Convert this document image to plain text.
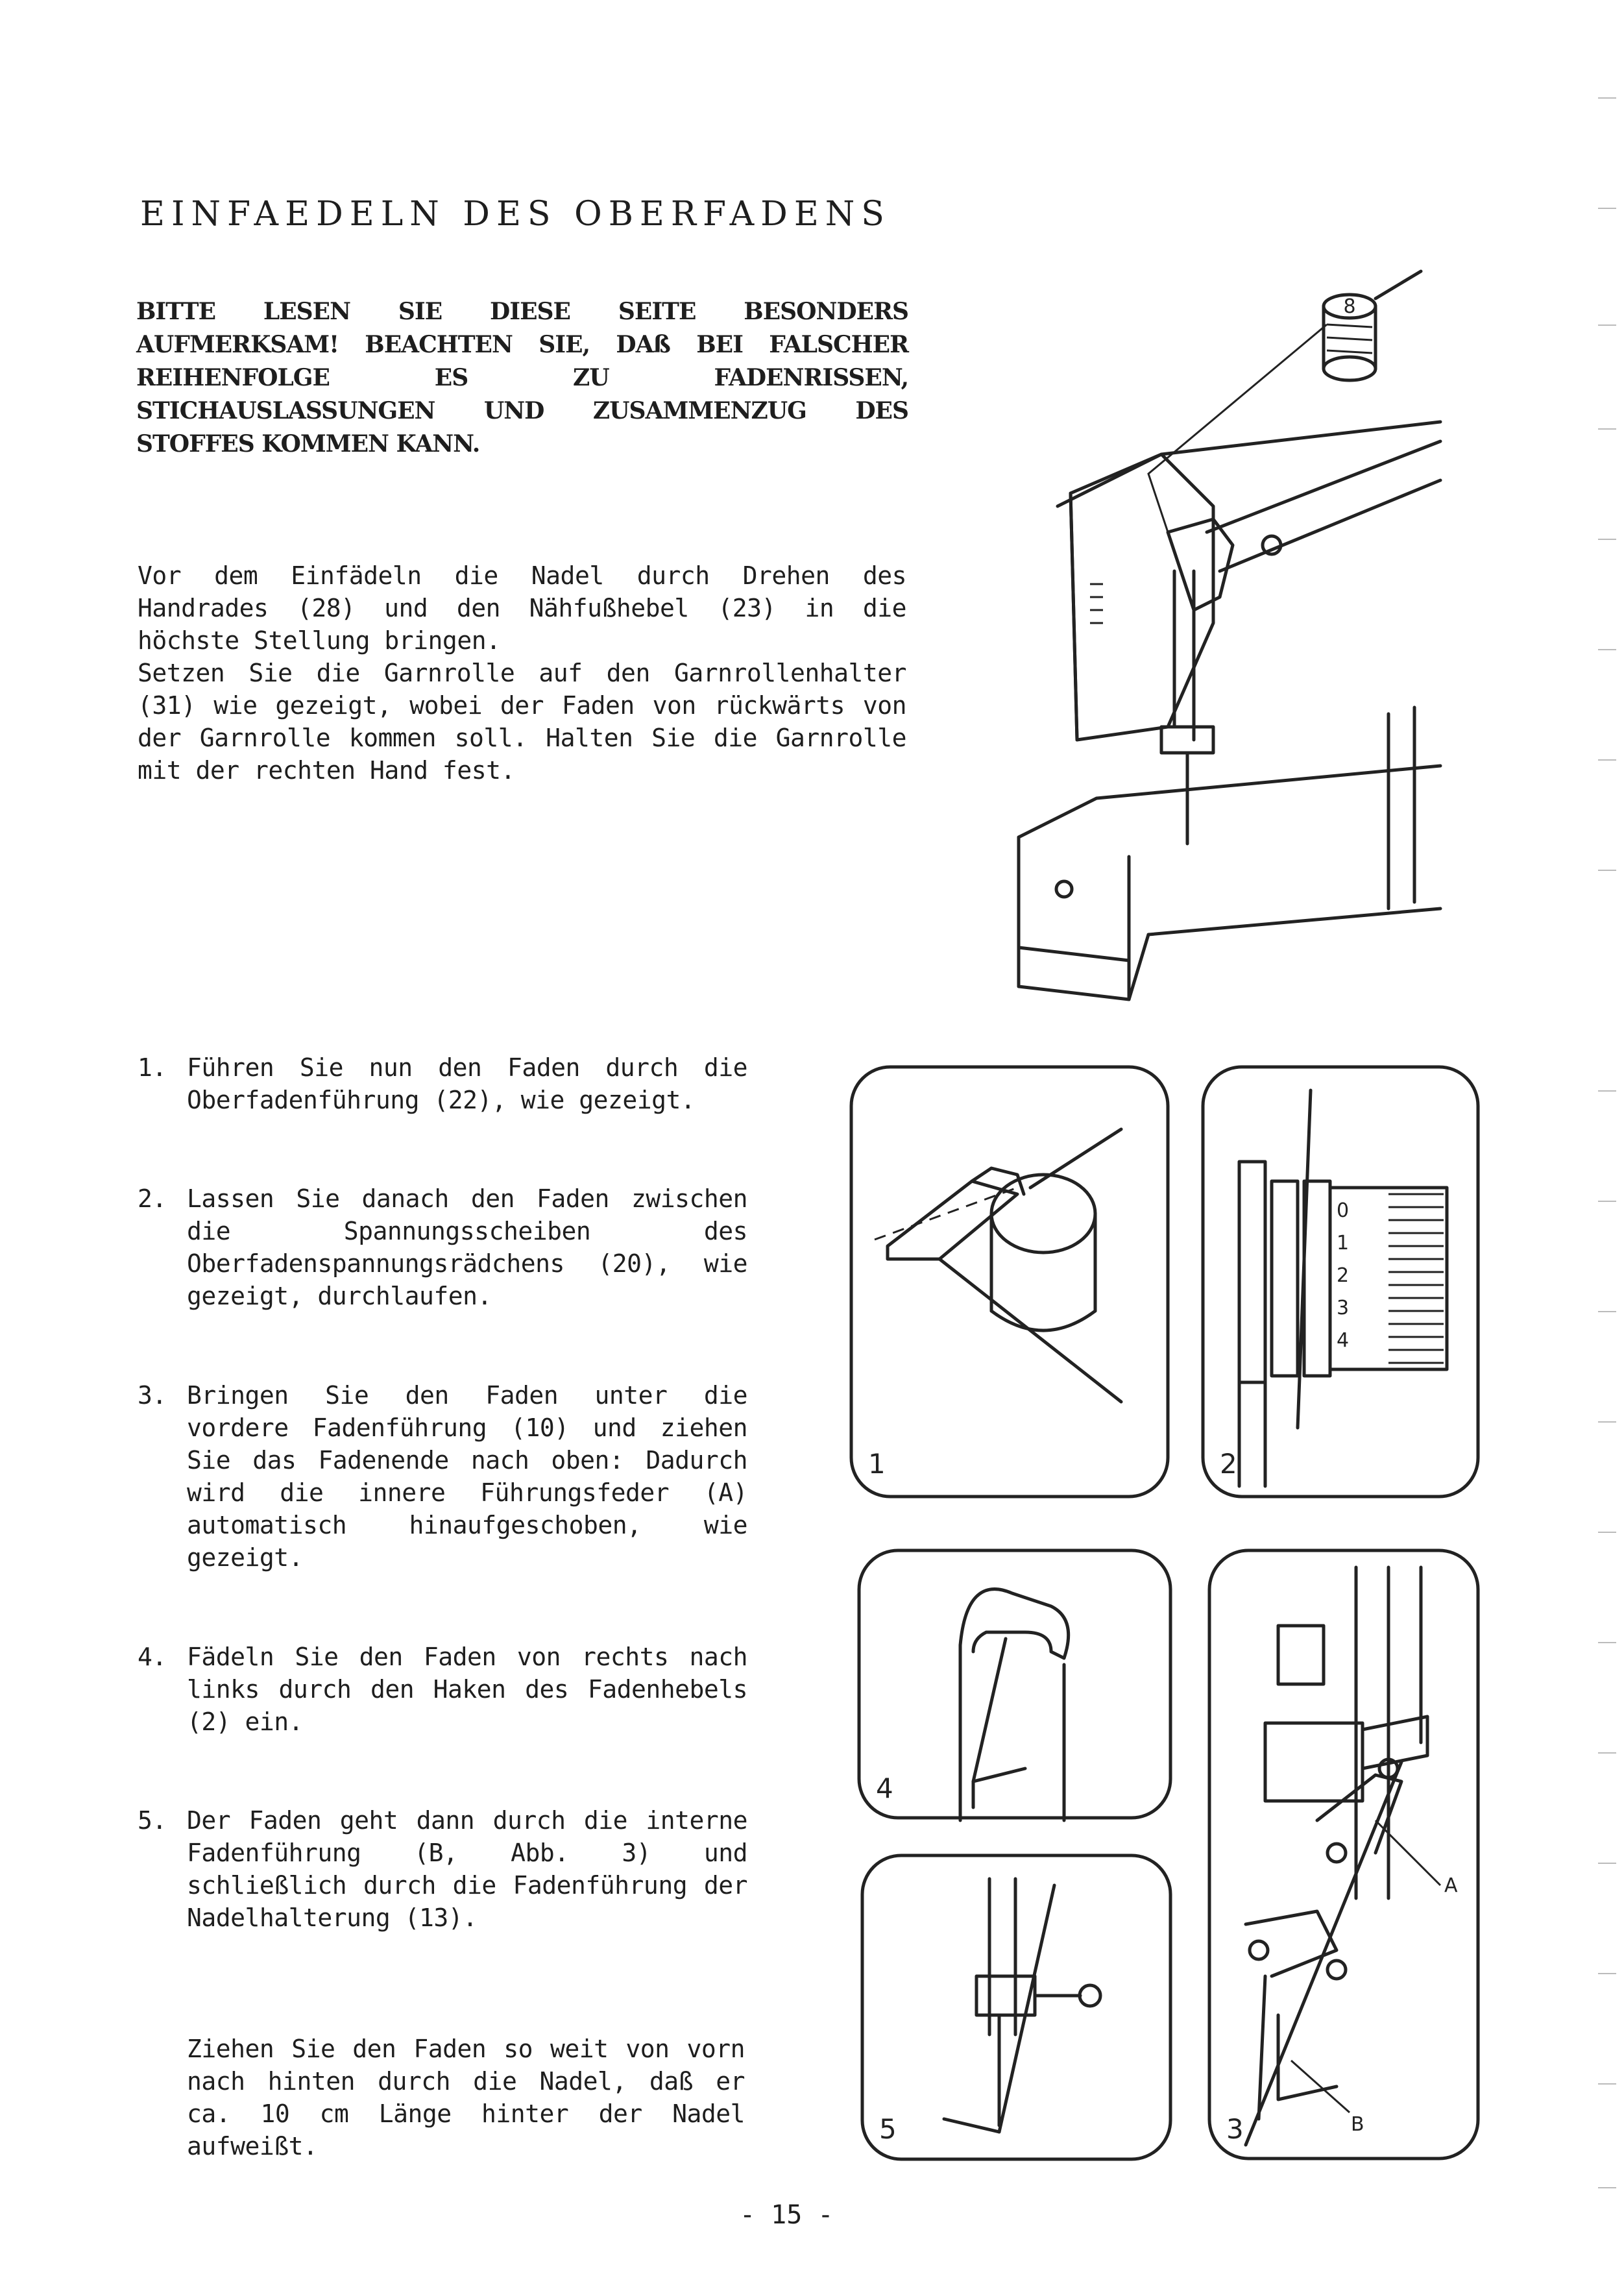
EINFAEDELN DES OBERFADENS
BITTE LESEN SIE DIESE SEITE BESONDERS AUFMERKSAM! BEACHTEN SIE, DAß BEI FALSCHER REIHENFOLGE ES ZU FADENRISSEN, STICHAUSLASSUNGEN UND ZUSAMMENZUG DES STOFFES KOMMEN KANN.
Vor dem Einfädeln die Nadel durch Drehen des Handrades (28) und den Nähfußhebel (23) in die höchste Stellung bringen.
Setzen Sie die Garnrolle auf den Garnrollenhalter (31) wie gezeigt, wobei der Faden von rückwärts von der Garnrolle kommen soll. Halten Sie die Garnrolle mit der rechten Hand fest.
1. Führen Sie nun den Faden durch die Oberfadenführung (22), wie gezeigt.
2. Lassen Sie danach den Faden zwischen die Spannungsscheiben des Oberfadenspannungsrädchens (20), wie gezeigt, durchlaufen.
3. Bringen Sie den Faden unter die vordere Fadenführung (10) und ziehen Sie das Fadenende nach oben: Dadurch wird die innere Führungsfeder (A) automatisch hinaufgeschoben, wie gezeigt.
4. Fädeln Sie den Faden von rechts nach links durch den Haken des Fadenhebels (2) ein.
5. Der Faden geht dann durch die interne Fadenführung (B, Abb. 3) und schließlich durch die Fadenführung der Nadelhalterung (13).
Ziehen Sie den Faden so weit von vorn nach hinten durch die Nadel, daß er ca. 10 cm Länge hinter der Nadel aufweißt.
- 15 -
8
1
0
1
2
3
4
2
4
5
A
B
3
